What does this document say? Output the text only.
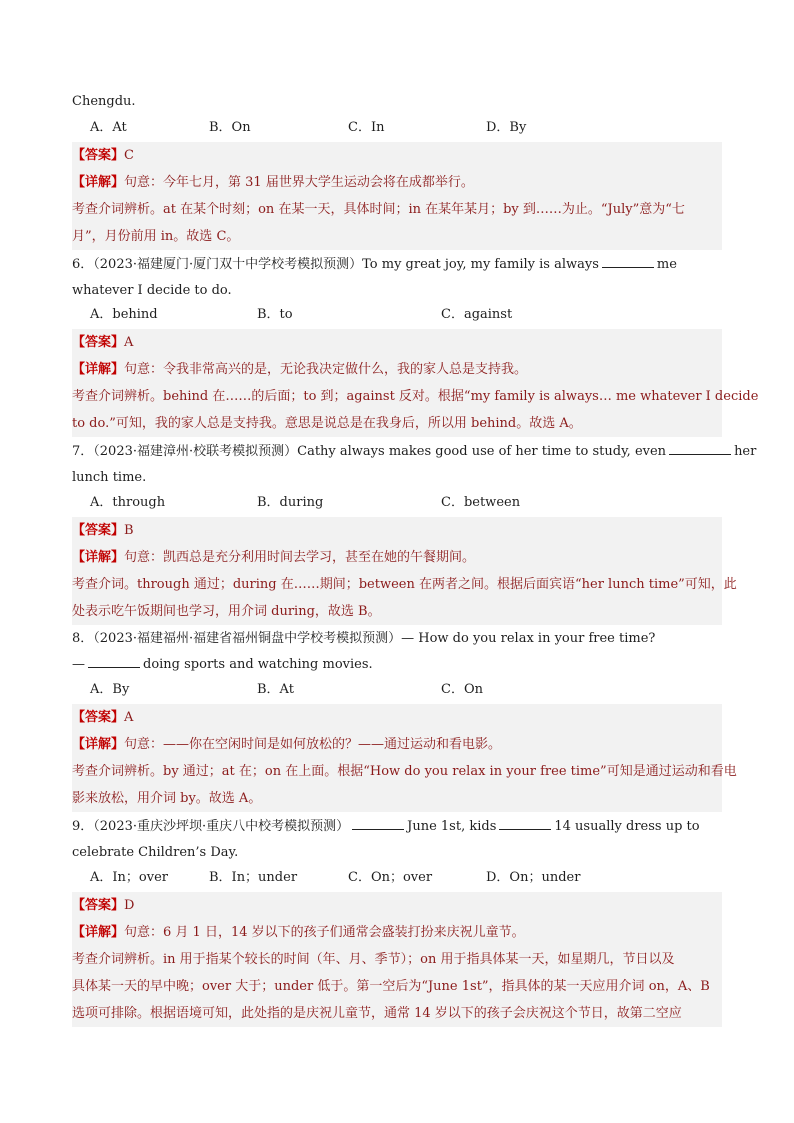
Chengdu.
A．At	B．On	C．In	D．By
【答案】C
【详解】句意：今年七月，第 31 届世界大学生运动会将在成都举行。
考查介词辨析。at 在某个时刻；on 在某一天，具体时间；in 在某年某月；by 到……为止。“July”意为“七
月”，月份前用 in。故选 C。
6．（2023·福建厦门·厦门双十中学校考模拟预测）To my great joy, my family is always	me
whatever I decide to do.
A．behind	B．to	C．against
【答案】A
【详解】句意：令我非常高兴的是，无论我决定做什么，我的家人总是支持我。
考查介词辨析。behind 在……的后面；to 到；against 反对。根据“my family is always… me whatever I decide
to do.”可知，我的家人总是支持我。意思是说总是在我身后，所以用 behind。故选 A。
7．（2023·福建漳州·校联考模拟预测）Cathy always makes good use of her time to study, even	her
lunch time.
A．through	B．during	C．between
【答案】B
【详解】句意：凯西总是充分利用时间去学习，甚至在她的午餐期间。
考查介词。through 通过；during 在……期间；between 在两者之间。根据后面宾语“her lunch time”可知，此
处表示吃午饭期间也学习，用介词 during，故选 B。
8．（2023·福建福州·福建省福州铜盘中学校考模拟预测）— How do you relax in your free time?
—	doing sports and watching movies.
A．By	B．At	C．On
【答案】A
【详解】句意：——你在空闲时间是如何放松的？——通过运动和看电影。
考查介词辨析。by 通过；at 在；on 在上面。根据“How do you relax in your free time”可知是通过运动和看电
影来放松，用介词 by。故选 A。
9．（2023·重庆沙坪坝·重庆八中校考模拟预测）	June 1st, kids	14 usually dress up to
celebrate Children’s Day.
A．In；over	B．In；under	C．On；over	D．On；under
【答案】D
【详解】句意：6 月 1 日，14 岁以下的孩子们通常会盛装打扮来庆祝儿童节。
考查介词辨析。in 用于指某个较长的时间（年、月、季节）；on 用于指具体某一天，如星期几，节日以及
具体某一天的早中晚；over 大于；under 低于。第一空后为“June 1st”，指具体的某一天应用介词 on，A、B
选项可排除。根据语境可知，此处指的是庆祝儿童节，通常 14 岁以下的孩子会庆祝这个节日，故第二空应
